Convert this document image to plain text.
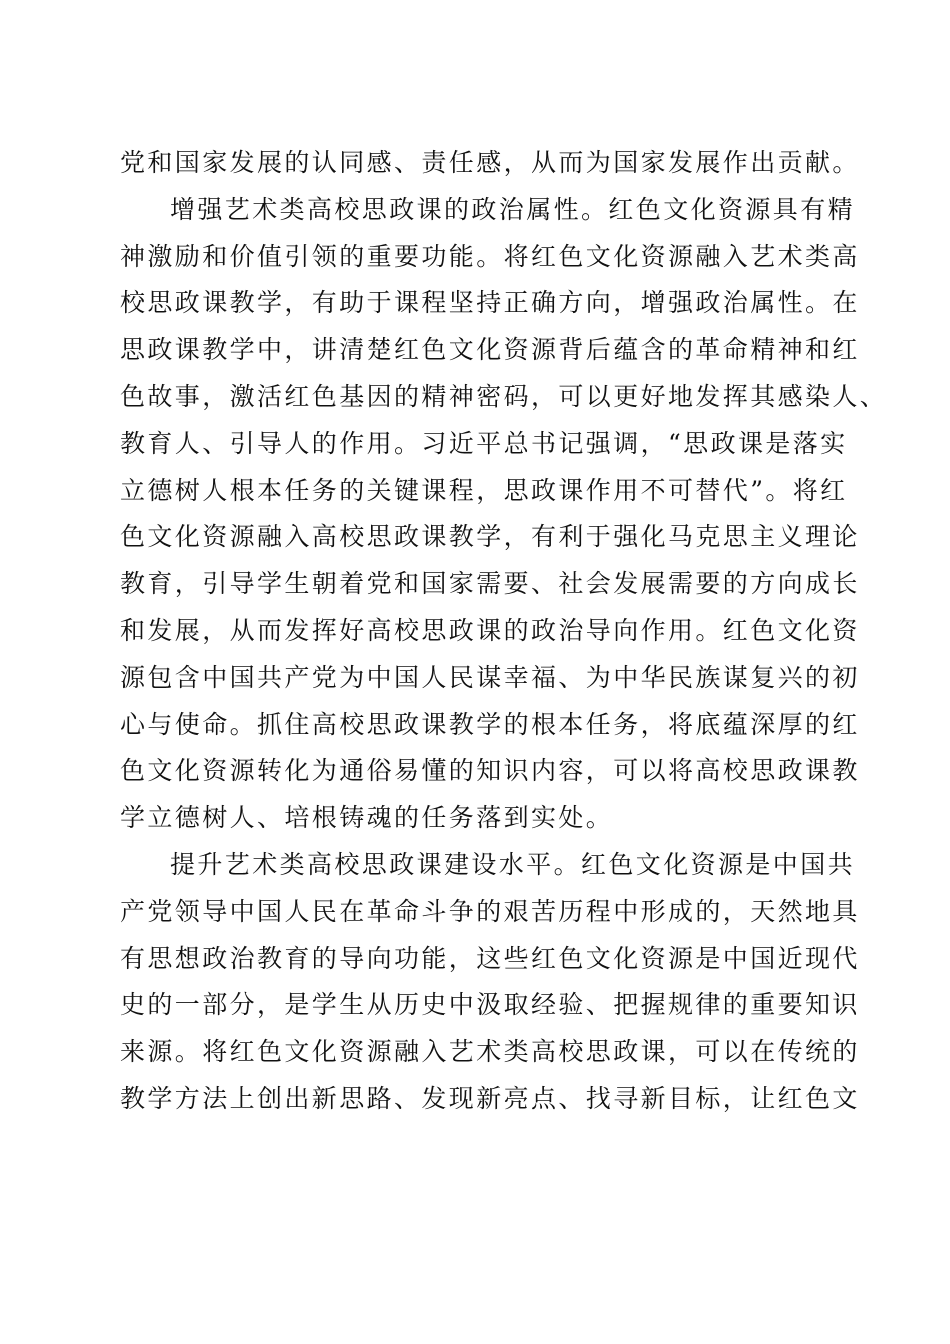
党和国家发展的认同感、责任感，从而为国家发展作出贡献。
增强艺术类高校思政课的政治属性。红色文化资源具有精
神激励和价值引领的重要功能。将红色文化资源融入艺术类高
校思政课教学，有助于课程坚持正确方向，增强政治属性。在
思政课教学中，讲清楚红色文化资源背后蕴含的革命精神和红
色故事，激活红色基因的精神密码，可以更好地发挥其感染人、
教育人、引导人的作用。习近平总书记强调，“思政课是落实
立德树人根本任务的关键课程，思政课作用不可替代”。将红
色文化资源融入高校思政课教学，有利于强化马克思主义理论
教育，引导学生朝着党和国家需要、社会发展需要的方向成长
和发展，从而发挥好高校思政课的政治导向作用。红色文化资
源包含中国共产党为中国人民谋幸福、为中华民族谋复兴的初
心与使命。抓住高校思政课教学的根本任务，将底蕴深厚的红
色文化资源转化为通俗易懂的知识内容，可以将高校思政课教
学立德树人、培根铸魂的任务落到实处。
提升艺术类高校思政课建设水平。红色文化资源是中国共
产党领导中国人民在革命斗争的艰苦历程中形成的，天然地具
有思想政治教育的导向功能，这些红色文化资源是中国近现代
史的一部分，是学生从历史中汲取经验、把握规律的重要知识
来源。将红色文化资源融入艺术类高校思政课，可以在传统的
教学方法上创出新思路、发现新亮点、找寻新目标，让红色文
